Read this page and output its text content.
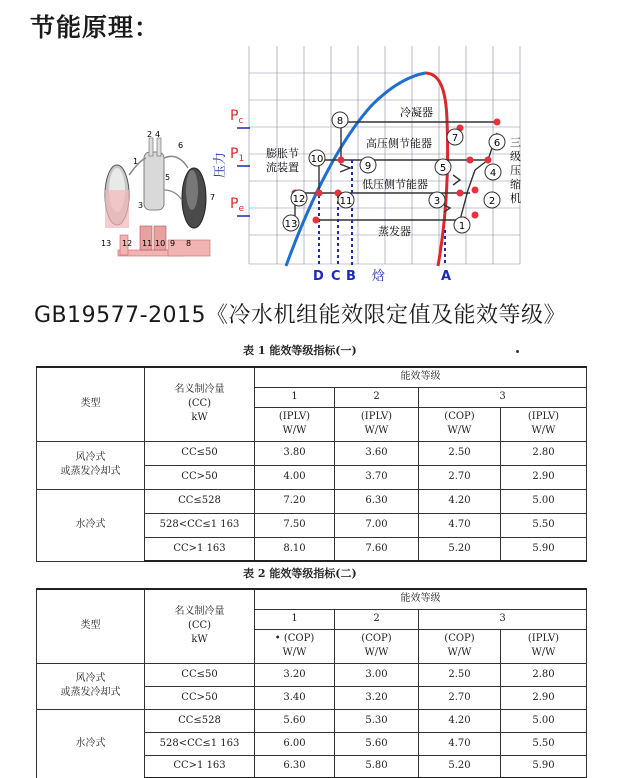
节能原理：
1
2 4
6
5
3
7
8
9
10
11
12
13
$P_c$
$P_1$
$P_e$
压力
冷凝器
高压侧节能器
膨胀节
流装置
低压侧节能器
蒸发器
三
级
压
缩
机
焓
D C B	A
1
2
3
4
5
6
7
8
9
10
11
12
13
GB19577-2015《冷水机组能效限定值及能效等级》
表 1 能效等级指标(一)
类型	名义制冷量
(CC)
kW	能效等级			
		1	2	3	

		(IPLV)
W/W	(IPLV)
W/W	(COP)
W/W	(IPLV)
W/W

风冷式
或蒸发冷却式	CC≤50	3.80	3.60	2.50	2.80
	CC>50	4.00	3.70	2.70	2.90
水冷式	CC≤528	7.20	6.30	4.20	5.00
	528<CC≤1 163	7.50	7.00	4.70	5.50
	CC>1 163	8.10	7.60	5.20	5.90
表 2 能效等级指标(二)
类型	名义制冷量
(CC)
kW	能效等级			
		1	2	3	

		• (COP)
W/W	(COP)
W/W	(COP)
W/W	(IPLV)
W/W

风冷式
或蒸发冷却式	CC≤50	3.20	3.00	2.50	2.80
	CC>50	3.40	3.20	2.70	2.90
水冷式	CC≤528	5.60	5.30	4.20	5.00
	528<CC≤1 163	6.00	5.60	4.70	5.50
	CC>1 163	6.30	5.80	5.20	5.90
